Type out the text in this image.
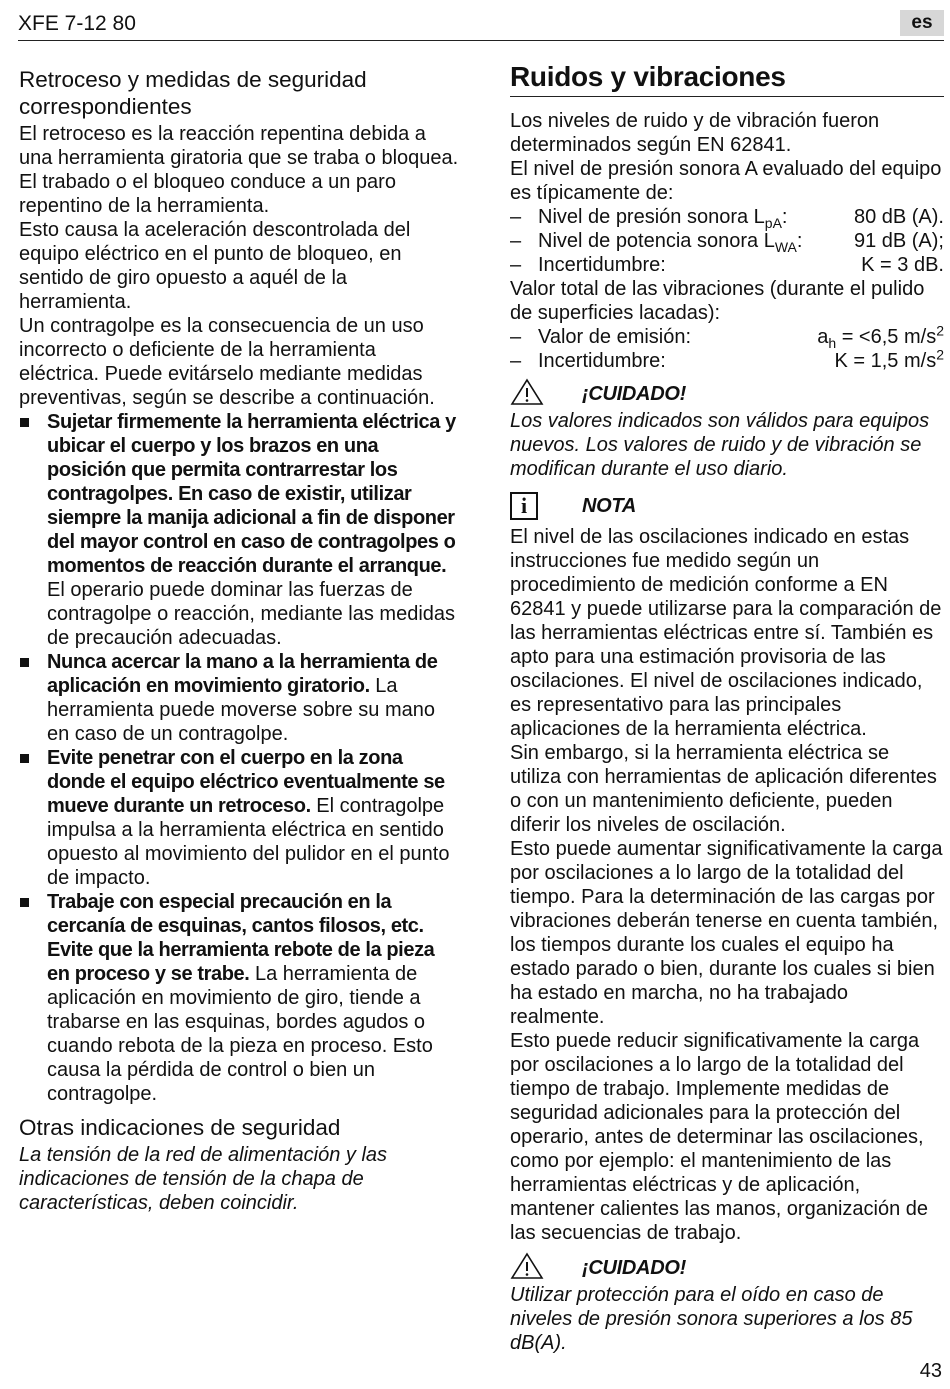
XFE 7-12 80	es
Retroceso y medidas de seguridad correspondientes

El retroceso es la reacción repentina debida a una herramienta giratoria que se traba o bloquea. El trabado o el bloqueo conduce a un paro repentino de la herramienta.

Esto causa la aceleración descontrolada del equipo eléctrico en el punto de bloqueo, en sentido de giro opuesto a aquél de la herramienta.

Un contragolpe es la consecuencia de un uso incorrecto o deficiente de la herramienta eléctrica. Puede evitárselo mediante medidas preventivas, según se describe a continuación.

Sujetar firmemente la herramienta eléctrica y ubicar el cuerpo y los brazos en una posición que permita contrarrestar los contragolpes. En caso de existir, utilizar siempre la manija adicional a fin de disponer del mayor control en caso de contragolpes o momentos de reacción durante el arranque. El operario puede dominar las fuerzas de contragolpe o reacción, mediante las medidas de precaución adecuadas.
Nunca acercar la mano a la herramienta de aplicación en movimiento giratorio. La herramienta puede moverse sobre su mano en caso de un contragolpe.
Evite penetrar con el cuerpo en la zona donde el equipo eléctrico eventualmente se mueve durante un retroceso. El contragolpe impulsa a la herramienta eléctrica en sentido opuesto al movimiento del pulidor en el punto de impacto.
Trabaje con especial precaución en la cercanía de esquinas, cantos filosos, etc. Evite que la herramienta rebote de la pieza en proceso y se trabe. La herramienta de aplicación en movimiento de giro, tiende a trabarse en las esquinas, bordes agudos o cuando rebota de la pieza en proceso. Esto causa la pérdida de control o bien un contragolpe.
Otras indicaciones de seguridad

La tensión de la red de alimentación y las indicaciones de tensión de la chapa de características, deben coincidir.

Ruidos y vibraciones

Los niveles de ruido y de vibración fueron determinados según EN 62841.

El nivel de presión sonora A evaluado del equipo es típicamente de:

– Nivel de presión sonora $L_{pA}$:	80 dB (A).
– Nivel de potencia sonora $L_{WA}$:	91 dB (A);
– Incertidumbre:	K = 3 dB.

Valor total de las vibraciones (durante el pulido de superficies lacadas):

– Valor de emisión:	$a_h = <6,5$ $m/s^2$
– Incertidumbre:	K = 1,5 $m/s^2$
¡CUIDADO!

Los valores indicados son válidos para equipos nuevos. Los valores de ruido y de vibración se modifican durante el uso diario.

i	NOTA

El nivel de las oscilaciones indicado en estas instrucciones fue medido según un procedimiento de medición conforme a EN 62841 y puede utilizarse para la comparación de las herramientas eléctricas entre sí. También es apto para una estimación provisoria de las oscilaciones. El nivel de oscilaciones indicado, es representativo para las principales aplicaciones de la herramienta eléctrica.

Sin embargo, si la herramienta eléctrica se utiliza con herramientas de aplicación diferentes o con un mantenimiento deficiente, pueden diferir los niveles de oscilación.

Esto puede aumentar significativamente la carga por oscilaciones a lo largo de la totalidad del tiempo. Para la determinación de las cargas por vibraciones deberán tenerse en cuenta también, los tiempos durante los cuales el equipo ha estado parado o bien, durante los cuales si bien ha estado en marcha, no ha trabajado realmente.

Esto puede reducir significativamente la carga por oscilaciones a lo largo de la totalidad del tiempo de trabajo. Implemente medidas de seguridad adicionales para la protección del operario, antes de determinar las oscilaciones, como por ejemplo: el mantenimiento de las herramientas eléctricas y de aplicación, mantener calientes las manos, organización de las secuencias de trabajo.

¡CUIDADO!

Utilizar protección para el oído en caso de niveles de presión sonora superiores a los 85 dB(A).

43
